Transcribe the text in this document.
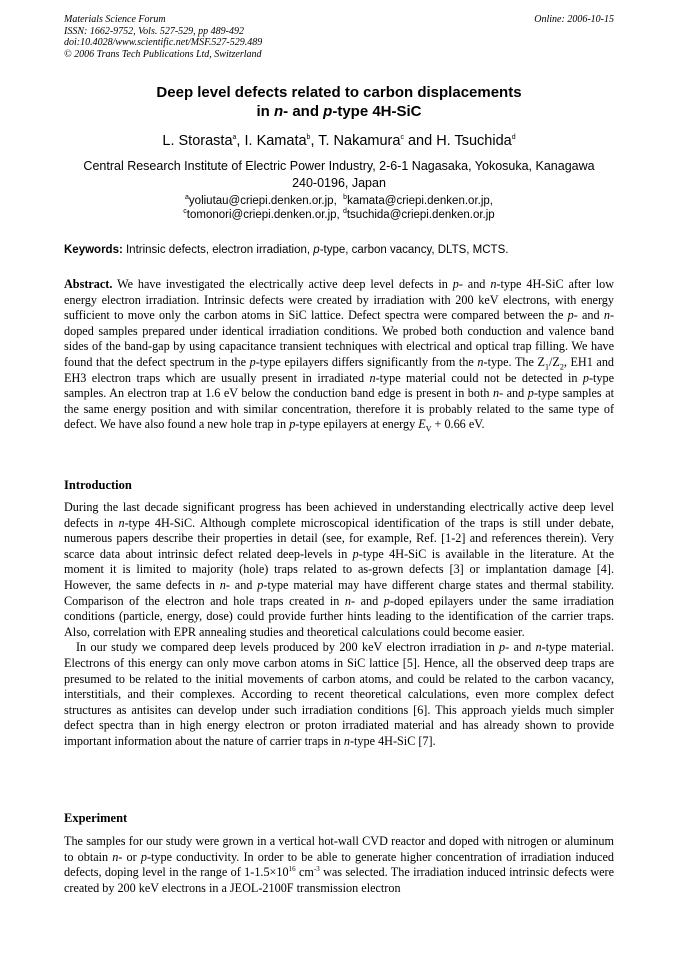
Materials Science Forum
ISSN: 1662-9752, Vols. 527-529, pp 489-492
doi:10.4028/www.scientific.net/MSF.527-529.489
© 2006 Trans Tech Publications Ltd, Switzerland
Online: 2006-10-15
Deep level defects related to carbon displacements
in n- and p-type 4H-SiC
L. Storasta$^a$, I. Kamata$^b$, T. Nakamura$^c$ and H. Tsuchida$^d$
Central Research Institute of Electric Power Industry, 2-6-1 Nagasaka, Yokosuka, Kanagawa
240-0196, Japan
$^a$yoliutau@criepi.denken.or.jp, $^b$kamata@criepi.denken.or.jp,
$^c$tomonori@criepi.denken.or.jp, $^d$tsuchida@criepi.denken.or.jp
Keywords: Intrinsic defects, electron irradiation, p-type, carbon vacancy, DLTS, MCTS.

Abstract. We have investigated the electrically active deep level defects in p- and n-type 4H-SiC after low energy electron irradiation. Intrinsic defects were created by irradiation with 200 keV electrons, with energy sufficient to move only the carbon atoms in SiC lattice. Defect spectra were compared between the p- and n-doped samples prepared under identical irradiation conditions. We probed both conduction and valence band sides of the band-gap by using capacitance transient techniques with electrical and optical trap filling. We have found that the defect spectrum in the p-type epilayers differs significantly from the n-type. The $Z_1/Z_2$, EH1 and EH3 electron traps which are usually present in irradiated n-type material could not be detected in p-type samples. An electron trap at 1.6 eV below the conduction band edge is present in both n- and p-type samples at the same energy position and with similar concentration, therefore it is probably related to the same type of defect. We have also found a new hole trap in p-type epilayers at energy $E_V + 0.66$ eV.

Introduction

During the last decade significant progress has been achieved in understanding electrically active deep level defects in n-type 4H-SiC. Although complete microscopical identification of the traps is still under debate, numerous papers describe their properties in detail (see, for example, Ref. [1-2] and references therein). Very scarce data about intrinsic defect related deep-levels in p-type 4H-SiC is available in the literature. At the moment it is limited to majority (hole) traps related to as-grown defects [3] or implantation damage [4]. However, the same defects in n- and p-type material may have different charge states and thermal stability. Comparison of the electron and hole traps created in n- and p-doped epilayers under the same irradiation conditions (particle, energy, dose) could provide further hints leading to the identification of the carrier traps. Also, correlation with EPR annealing studies and theoretical calculations could become easier.

In our study we compared deep levels produced by 200 keV electron irradiation in p- and n-type material. Electrons of this energy can only move carbon atoms in SiC lattice [5]. Hence, all the observed deep traps are presumed to be related to the initial movements of carbon atoms, and could be related to the carbon vacancy, interstitials, and their complexes. According to recent theoretical calculations, even more complex defect structures as antisites can develop under such irradiation conditions [6]. This approach yields much simpler defect spectra than in high energy electron or proton irradiated material and has already shown to provide important information about the nature of carrier traps in n-type 4H-SiC [7].

Experiment

The samples for our study were grown in a vertical hot-wall CVD reactor and doped with nitrogen or aluminum to obtain n- or p-type conductivity. In order to be able to generate higher concentration of irradiation induced defects, doping level in the range of $1-1.5\times 10^{16}$ $cm^{-3}$ was selected. The irradiation induced intrinsic defects were created by 200 keV electrons in a JEOL-2100F transmission electron
